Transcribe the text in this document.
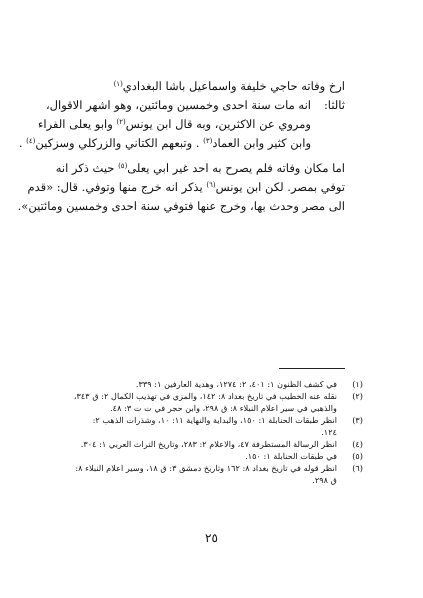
ارخ وفاته حاجي خليفة واسماعيل باشا البغدادي$^{(١)}$
ثالثا:
انه مات سنة احدى وخمسين ومائتين، وهو اشهر الاقوال،
ومروي عن الاكثرين، وبه قال ابن يونس$^{(٢)}$ وابو يعلى الفراء
وابن كثير وابن العماد$^{(٣)}$ . وتبعهم الكتاني والزركلي وسزكين$^{(٤)}$ .
اما مكان وفاته فلم يصرح به احد غير ابي يعلى$^{(٥)}$ حيث ذكر انه
توفي بمصر. لكن ابن يونس$^{(٦)}$ يذكر انه خرج منها وتوفي. قال: «قدم
الى مصر وحدث بها، وخرج عنها فتوفي سنة احدى وخمسين ومائتين».
(١)
في كشف الظنون ١: ٤٠١، ٢: ١٢٧٤، وهدية العارفين ١: ٣٣٩.
(٢)
نقله عنه الخطيب في تاريخ بغداد ٨: ١٤٢، والمزي في تهذيب الكمال ٢: ق ٣٤٣،
والذهبي في سير اعلام النبلاء ٨: ق ٢٩٨، وابن حجر في ت ت ٣: ٤٨.
(٣)
انظر طبقات الحنابلة ١: ١٥٠، والبداية والنهاية ١١: ١٠، وشذرات الذهب ٢:
١٢٤.
(٤)
انظر الرسالة المستطرفة ٤٧، والاعلام ٢: ٢٨٣، وتاريخ التراث العربي ١: ٣٠٤.
(٥)
في طبقات الحنابلة ١: ١٥٠.
(٦)
انظر قوله في تاريخ بغداد ٨: ١٦٢ وتاريخ دمشق ٣: ق ١٨، وسير اعلام النبلاء ٨:
ق ٢٩٨.
٢٥
